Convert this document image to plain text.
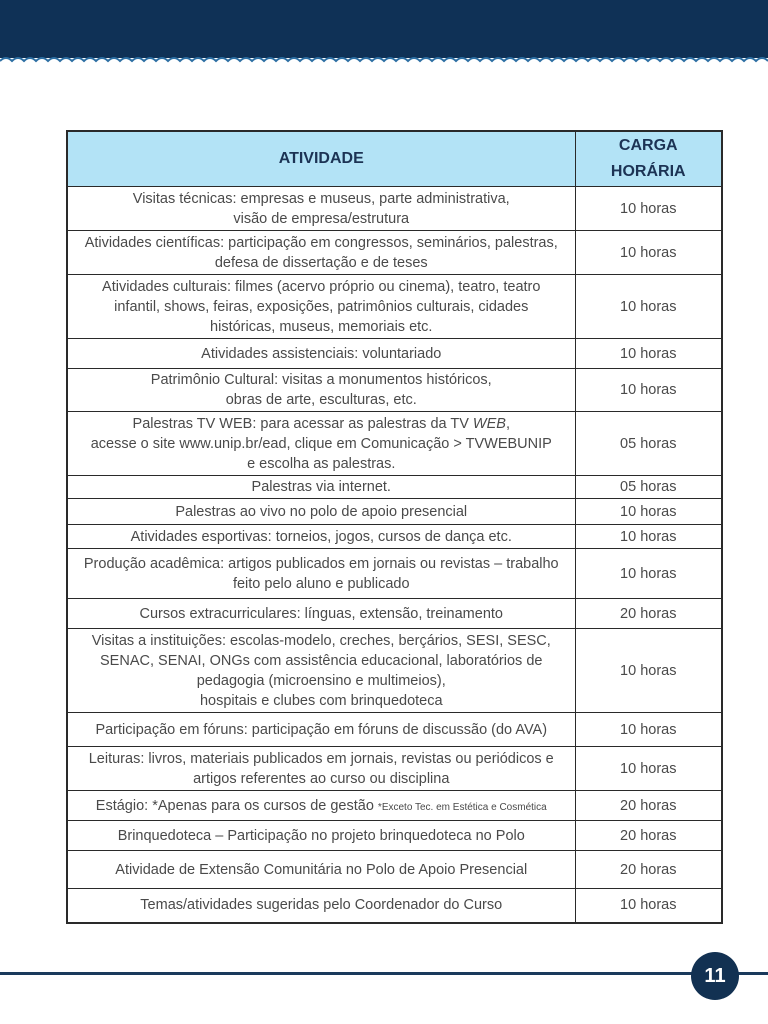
ATIVIDADE	CARGA
HORÁRIA

Visitas técnicas: empresas e museus, parte administrativa,
visão de empresa/estrutura	10 horas

Atividades científicas: participação em congressos, seminários, palestras,
defesa de dissertação e de teses	10 horas

Atividades culturais: filmes (acervo próprio ou cinema), teatro, teatro
infantil, shows, feiras, exposições, patrimônios culturais, cidades
históricas, museus, memoriais etc.	10 horas

Atividades assistenciais: voluntariado	10 horas

Patrimônio Cultural: visitas a monumentos históricos,
obras de arte, esculturas, etc.	10 horas

Palestras TV WEB: para acessar as palestras da TV WEB,
acesse o site www.unip.br/ead, clique em Comunicação > TVWEBUNIP
e escolha as palestras.	05 horas

Palestras via internet.	05 horas

Palestras ao vivo no polo de apoio presencial	10 horas

Atividades esportivas: torneios, jogos, cursos de dança etc.	10 horas

Produção acadêmica: artigos publicados em jornais ou revistas – trabalho
feito pelo aluno e publicado	10 horas

Cursos extracurriculares: línguas, extensão, treinamento	20 horas

Visitas a instituições: escolas-modelo, creches, berçários, SESI, SESC,
SENAC, SENAI, ONGs com assistência educacional, laboratórios de
pedagogia (microensino e multimeios),
hospitais e clubes com brinquedoteca	10 horas

Participação em fóruns: participação em fóruns de discussão (do AVA)	10 horas

Leituras: livros, materiais publicados em jornais, revistas ou periódicos e
artigos referentes ao curso ou disciplina	10 horas

Estágio: *Apenas para os cursos de gestão *Exceto Tec. em Estética e Cosmética	20 horas

Brinquedoteca – Participação no projeto brinquedoteca no Polo	20 horas

Atividade de Extensão Comunitária no Polo de Apoio Presencial	20 horas

Temas/atividades sugeridas pelo Coordenador do Curso	10 horas
11
